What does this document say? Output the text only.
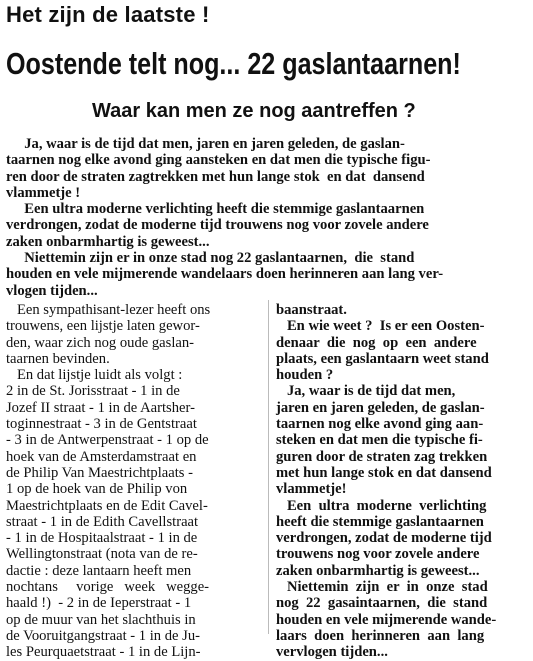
Het zijn de laatste !
Oostende telt nog... 22 gaslantaarnen!
Waar kan men ze nog aantreffen ?

Ja, waar is de tijd dat men, jaren en jaren geleden, de gaslan-

taarnen nog elke avond ging aansteken en dat men die typische figu-

ren door de straten zagtrekken met hun lange stok  en dat  dansend

vlammetje !

Een ultra moderne verlichting heeft die stemmige gaslantaarnen

verdrongen, zodat de moderne tijd trouwens nog voor zovele andere

zaken onbarmhartig is geweest...

Niettemin zijn er in onze stad nog 22 gaslantaarnen,  die  stand

houden en vele mijmerende wandelaars doen herinneren aan lang ver-

vlogen tijden...

Een sympathisant-lezer heeft ons

trouwens, een lijstje laten gewor-

den, waar zich nog oude gaslan-

taarnen bevinden.

En dat lijstje luidt als volgt :

2 in de St. Jorisstraat - 1 in de

Jozef II straat - 1 in de Aartsher-

toginnestraat - 3 in de Gentstraat

- 3 in de Antwerpenstraat - 1 op de

hoek van de Amsterdamstraat en

de Philip Van Maestrichtplaats -

1 op de hoek van de Philip von

Maestrichtplaats en de Edit Cavel-

straat - 1 in de Edith Cavellstraat

- 1 in de Hospitaalstraat - 1 in de

Wellingtonstraat (nota van de re-

dactie : deze lantaarn heeft men

nochtans     vorige   week   wegge-

haald !)  - 2 in de Ieperstraat - 1

op de muur van het slachthuis in

de Vooruitgangstraat - 1 in de Ju-

les Peurquaetstraat - 1 in de Lijn-

baanstraat.

En wie weet ?  Is er een Oosten-

denaar  die  nog  op  een  andere

plaats, een gaslantaarn weet stand

houden ?

Ja, waar is de tijd dat men,

jaren en jaren geleden, de gaslan-

taarnen nog elke avond ging aan-

steken en dat men die typische fi-

guren door de straten zag trekken

met hun lange stok en dat dansend

vlammetje!

Een  ultra  moderne  verlichting

heeft die stemmige gaslantaarnen

verdrongen, zodat de moderne tijd

trouwens nog voor zovele andere

zaken onbarmhartig is geweest...

Niettemin  zijn  er  in  onze  stad

nog  22  gasaintaarnen,  die  stand

houden en vele mijmerende wande-

laars  doen  herinneren  aan  lang

vervlogen tijden...
